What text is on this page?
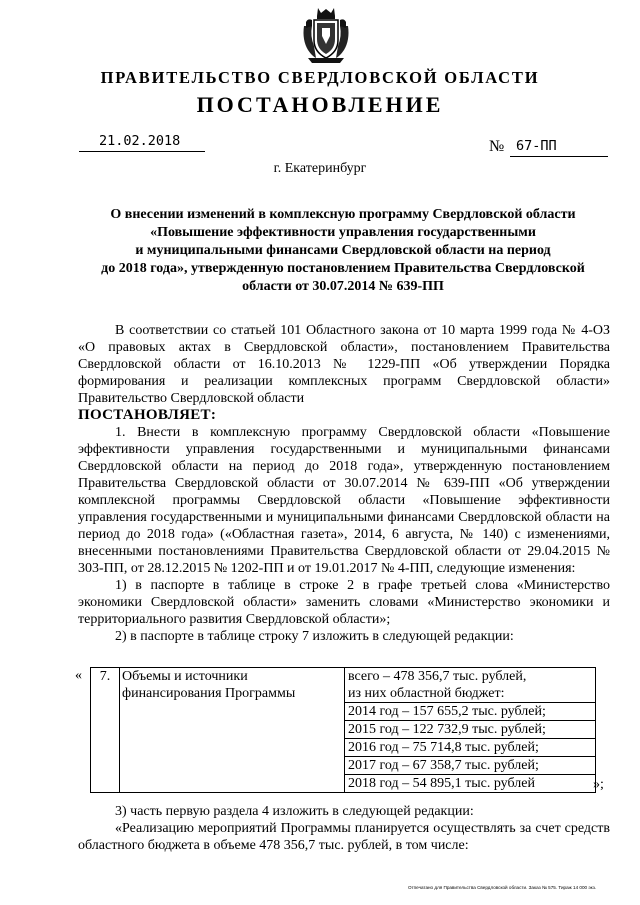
ПРАВИТЕЛЬСТВО СВЕРДЛОВСКОЙ ОБЛАСТИ
ПОСТАНОВЛЕНИЕ
21.02.2018	№ 67-ПП
г. Екатеринбург
О внесении изменений в комплексную программу Свердловской области
«Повышение эффективности управления государственными
и муниципальными финансами Свердловской области на период
до 2018 года», утвержденную постановлением Правительства Свердловской
области от 30.07.2014 № 639-ПП

В соответствии со статьей 101 Областного закона от 10 марта 1999 года № 4-ОЗ «О правовых актах в Свердловской области», постановлением Правительства Свердловской области от 16.10.2013 № 1229-ПП «Об утверждении Порядка формирования и реализации комплексных программ Свердловской области» Правительство Свердловской области

ПОСТАНОВЛЯЕТ:

1. Внести в комплексную программу Свердловской области «Повышение эффективности управления государственными и муниципальными финансами Свердловской области на период до 2018 года», утвержденную постановлением Правительства Свердловской области от 30.07.2014 № 639-ПП «Об утверждении комплексной программы Свердловской области «Повышение эффективности управления государственными и муниципальными финансами Свердловской области на период до 2018 года» («Областная газета», 2014, 6 августа, № 140) с изменениями, внесенными постановлениями Правительства Свердловской области от 29.04.2015 № 303-ПП, от 28.12.2015 № 1202-ПП и от 19.01.2017 № 4-ПП, следующие изменения:

1) в паспорте в таблице в строке 2 в графе третьей слова «Министерство экономики Свердловской области» заменить словами «Министерство экономики и территориального развития Свердловской области»;

2) в паспорте в таблице строку 7 изложить в следующей редакции:

« 7.	Объемы и источники финансирования Программы	
всего – 478 356,7 тыс. рублей,
из них областной бюджет:
2014 год – 157 655,2 тыс. рублей;
2015 год – 122 732,9 тыс. рублей;
2016 год – 75 714,8 тыс. рублей;
2017 год – 67 358,7 тыс. рублей;
2018 год – 54 895,1 тыс. рублей	»;

3) часть первую раздела 4 изложить в следующей редакции:

«Реализацию мероприятий Программы планируется осуществлять за счет средств областного бюджета в объеме 478 356,7 тыс. рублей, в том числе:

Отпечатано для Правительства Свердловской области. Заказ № 575. Тираж 14 000 экз.
